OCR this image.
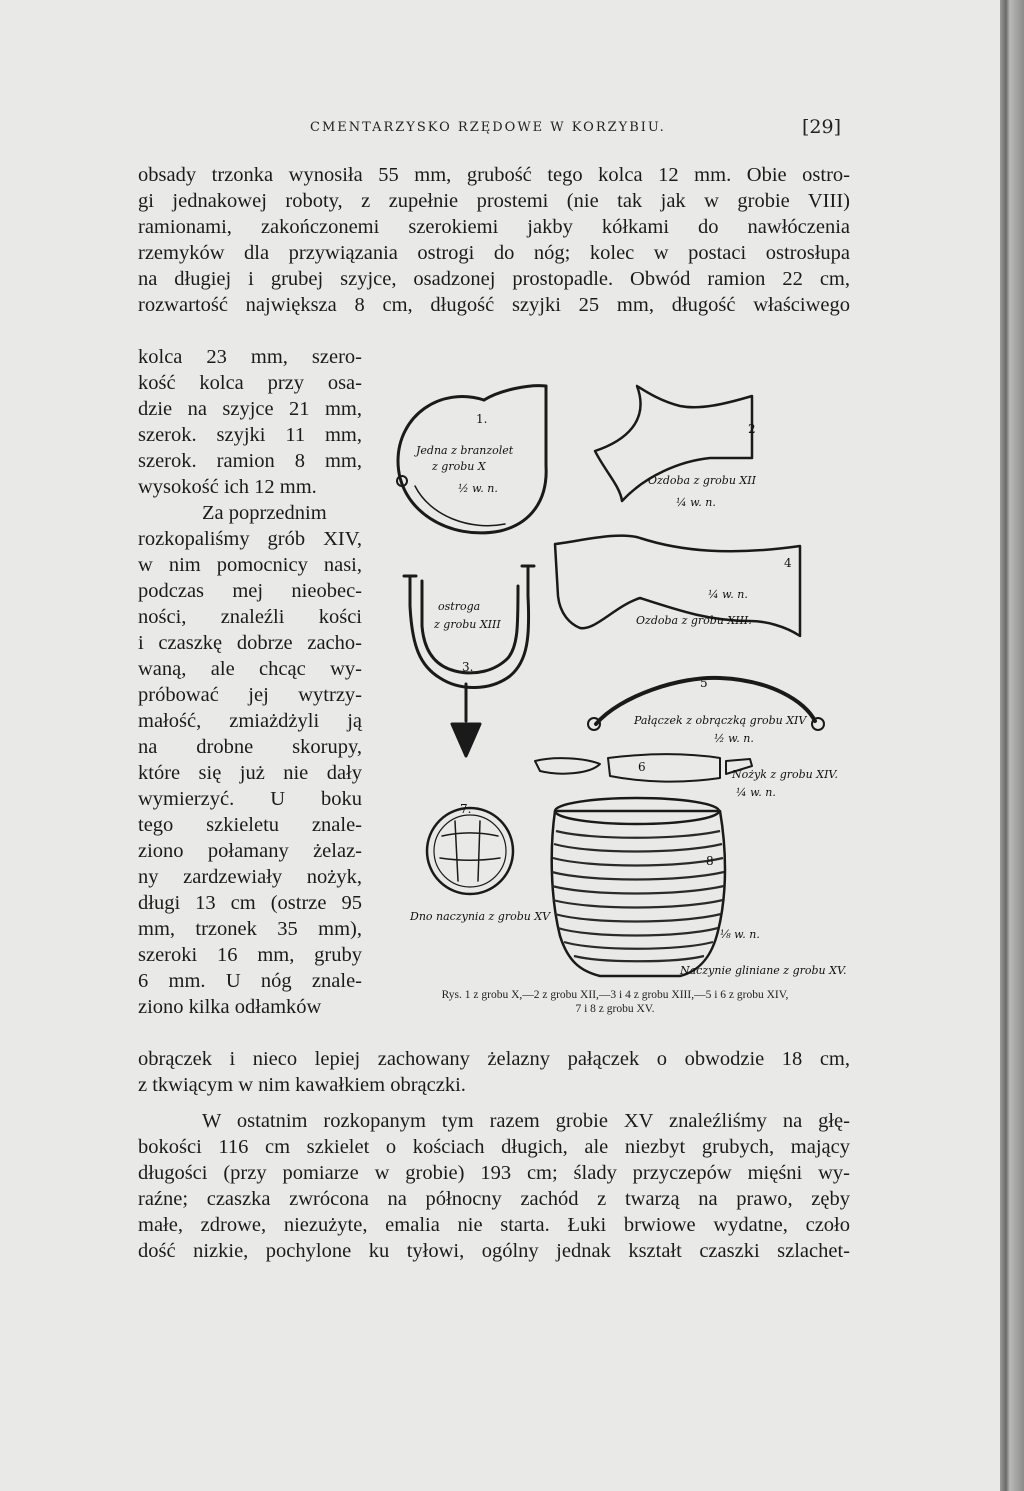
CMENTARZYSKO RZĘDOWE W KORZYBIU.	[29]
obsady trzonka wynosiła 55 mm, grubość tego kolca 12 mm. Obie ostro-
gi jednakowej roboty, z zupełnie prostemi (nie tak jak w grobie VIII)
ramionami, zakończonemi szerokiemi jakby kółkami do nawłóczenia
rzemyków dla przywiązania ostrogi do nóg; kolec w postaci ostrosłupa
na długiej i grubej szyjce, osadzonej prostopadle. Obwód ramion 22 cm,
rozwartość największa 8 cm, długość szyjki 25 mm, długość właściwego
kolca 23 mm, szero-
kość kolca przy osa-
dzie na szyjce 21 mm,
szerok. szyjki 11 mm,
szerok. ramion 8 mm,
wysokość ich 12 mm.
Za poprzednim
rozkopaliśmy grób XIV,
w nim pomocnicy nasi,
podczas mej nieobec-
ności, znaleźli kości
i czaszkę dobrze zacho-
waną, ale chcąc wy-
próbować jej wytrzy-
małość, zmiażdżyli ją
na drobne skorupy,
które się już nie dały
wymierzyć. U boku
tego szkieletu znale-
ziono połamany żelaz-
ny zardzewiały nożyk,
długi 13 cm (ostrze 95
mm, trzonek 35 mm),
szeroki 16 mm, gruby
6 mm. U nóg znale-
ziono kilka odłamków
1.
Jedna z branzolet
z grobu X
½ w. n.
2
Ozdoba z grobu XII
¼ w. n.
3.
ostroga
z grobu XIII
4
¼ w. n.
Ozdoba z grobu XIII.
5
Pałączek z obrączką grobu XIV
½ w. n.
6
Nożyk z grobu XIV.
¼ w. n.
7.
Dno naczynia z grobu XV
8
⅛ w. n.
Naczynie gliniane z grobu XV.
Rys. 1 z grobu X,—2 z grobu XII,—3 i 4 z grobu XIII,—5 i 6 z grobu XIV,
7 i 8 z grobu XV.
obrączek i nieco lepiej zachowany żelazny pałączek o obwodzie 18 cm,
z tkwiącym w nim kawałkiem obrączki.
W ostatnim rozkopanym tym razem grobie XV znaleźliśmy na głę-
bokości 116 cm szkielet o kościach długich, ale niezbyt grubych, mający
długości (przy pomiarze w grobie) 193 cm; ślady przyczepów mięśni wy-
raźne; czaszka zwrócona na północny zachód z twarzą na prawo, zęby
małe, zdrowe, niezużyte, emalia nie starta. Łuki brwiowe wydatne, czoło
dość nizkie, pochylone ku tyłowi, ogólny jednak kształt czaszki szlachet-
